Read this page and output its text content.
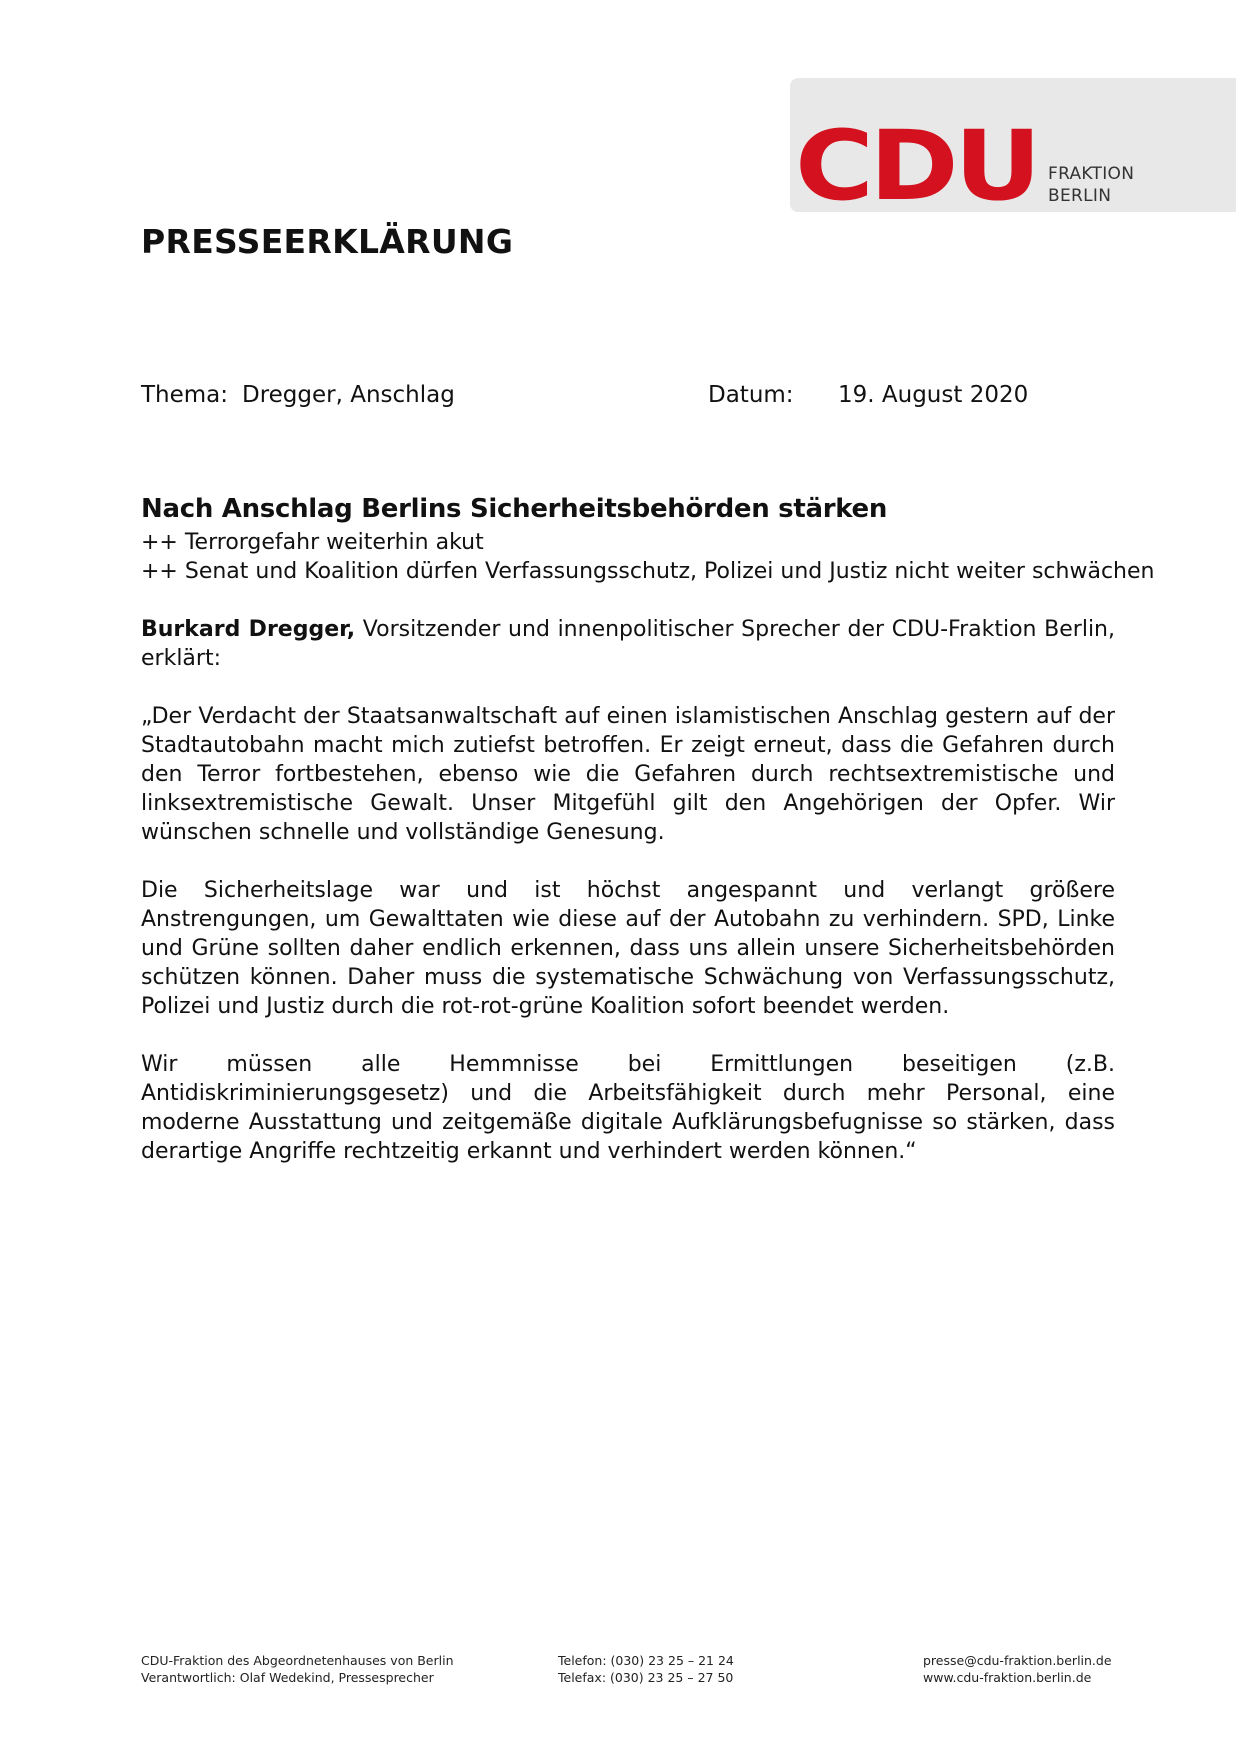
CDU FRAKTION
BERLIN
PRESSEERKLÄRUNG
Thema: Dregger, Anschlag	Datum: 19. August 2020
Nach Anschlag Berlins Sicherheitsbehörden stärken
++ Terrorgefahr weiterhin akut
++ Senat und Koalition dürfen Verfassungsschutz, Polizei und Justiz nicht weiter schwächen

Burkard Dregger, Vorsitzender und innenpolitischer Sprecher der CDU-Fraktion Berlin, erklärt:

„Der Verdacht der Staatsanwaltschaft auf einen islamistischen Anschlag gestern auf der Stadtautobahn macht mich zutiefst betroffen. Er zeigt erneut, dass die Gefahren durch den Terror fortbestehen, ebenso wie die Gefahren durch rechtsextremistische und linksextremistische Gewalt. Unser Mitgefühl gilt den Angehörigen der Opfer. Wir wünschen schnelle und vollständige Genesung.

Die Sicherheitslage war und ist höchst angespannt und verlangt größere Anstrengungen, um Gewalttaten wie diese auf der Autobahn zu verhindern. SPD, Linke und Grüne sollten daher endlich erkennen, dass uns allein unsere Sicherheitsbehörden schützen können. Daher muss die systematische Schwächung von Verfassungsschutz, Polizei und Justiz durch die rot-rot-grüne Koalition sofort beendet werden.

Wir müssen alle Hemmnisse bei Ermittlungen beseitigen (z.B. Antidiskriminierungsgesetz) und die Arbeitsfähigkeit durch mehr Personal, eine moderne Ausstattung und zeitgemäße digitale Aufklärungsbefugnisse so stärken, dass derartige Angriffe rechtzeitig erkannt und verhindert werden können.“

CDU-Fraktion des Abgeordnetenhauses von Berlin
Verantwortlich: Olaf Wedekind, Pressesprecher
Telefon: (030) 23 25 – 21 24
Telefax: (030) 23 25 – 27 50
presse@cdu-fraktion.berlin.de
www.cdu-fraktion.berlin.de
